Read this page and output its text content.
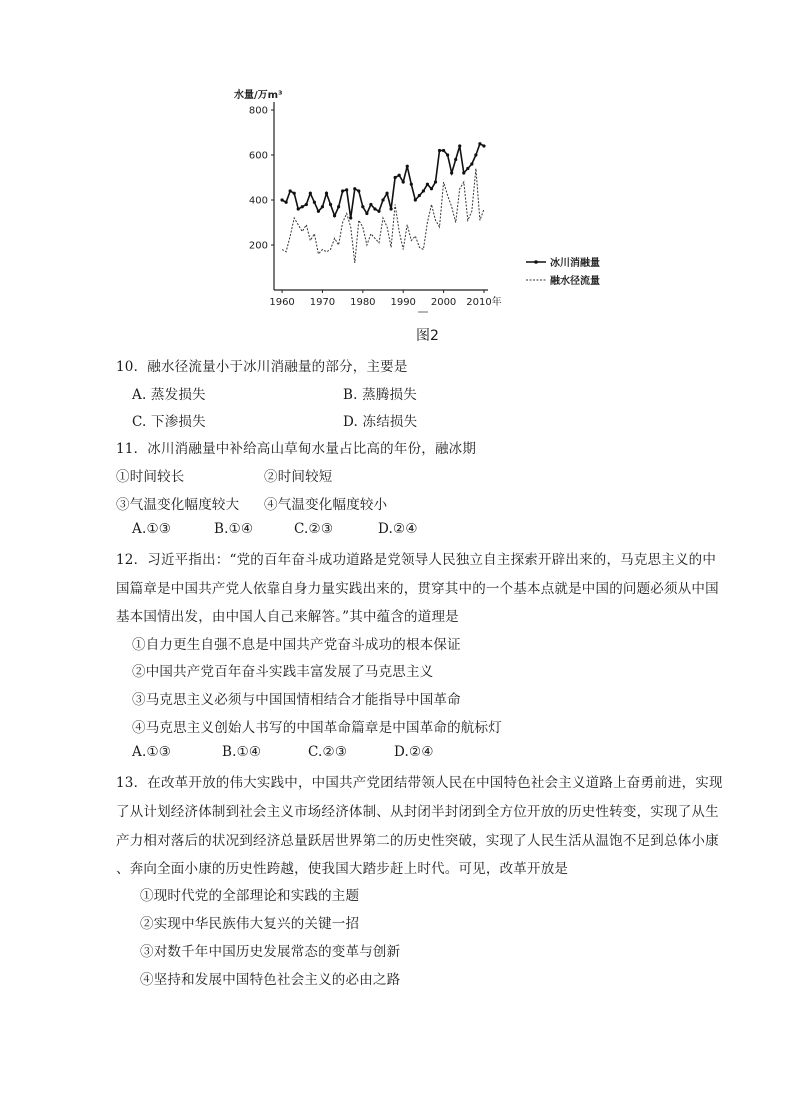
水量/万m³
200
400
600
800
1960 1970 1980 1990 2000 2010年
冰川消融量
融水径流量
图2
10．融水径流量小于冰川消融量的部分，主要是
A. 蒸发损失	B. 蒸腾损失
C. 下渗损失	D. 冻结损失
11．冰川消融量中补给高山草甸水量占比高的年份，融冰期
①时间较长	②时间较短
③气温变化幅度较大 ④气温变化幅度较小
A.①③	B.①④	C.②③	D.②④
12．习近平指出：“党的百年奋斗成功道路是党领导人民独立自主探索开辟出来的，马克思主义的中
国篇章是中国共产党人依靠自身力量实践出来的，贯穿其中的一个基本点就是中国的问题必须从中国
基本国情出发，由中国人自己来解答。”其中蕴含的道理是
①自力更生自强不息是中国共产党奋斗成功的根本保证
②中国共产党百年奋斗实践丰富发展了马克思主义
③马克思主义必须与中国国情相结合才能指导中国革命
④马克思主义创始人书写的中国革命篇章是中国革命的航标灯
A.①③	B.①④	C.②③	D.②④
13．在改革开放的伟大实践中，中国共产党团结带领人民在中国特色社会主义道路上奋勇前进，实现
了从计划经济体制到社会主义市场经济体制、从封闭半封闭到全方位开放的历史性转变，实现了从生
产力相对落后的状况到经济总量跃居世界第二的历史性突破，实现了人民生活从温饱不足到总体小康
、奔向全面小康的历史性跨越，使我国大踏步赶上时代。可见，改革开放是
①现时代党的全部理论和实践的主题
②实现中华民族伟大复兴的关键一招
③对数千年中国历史发展常态的变革与创新
④坚持和发展中国特色社会主义的必由之路
